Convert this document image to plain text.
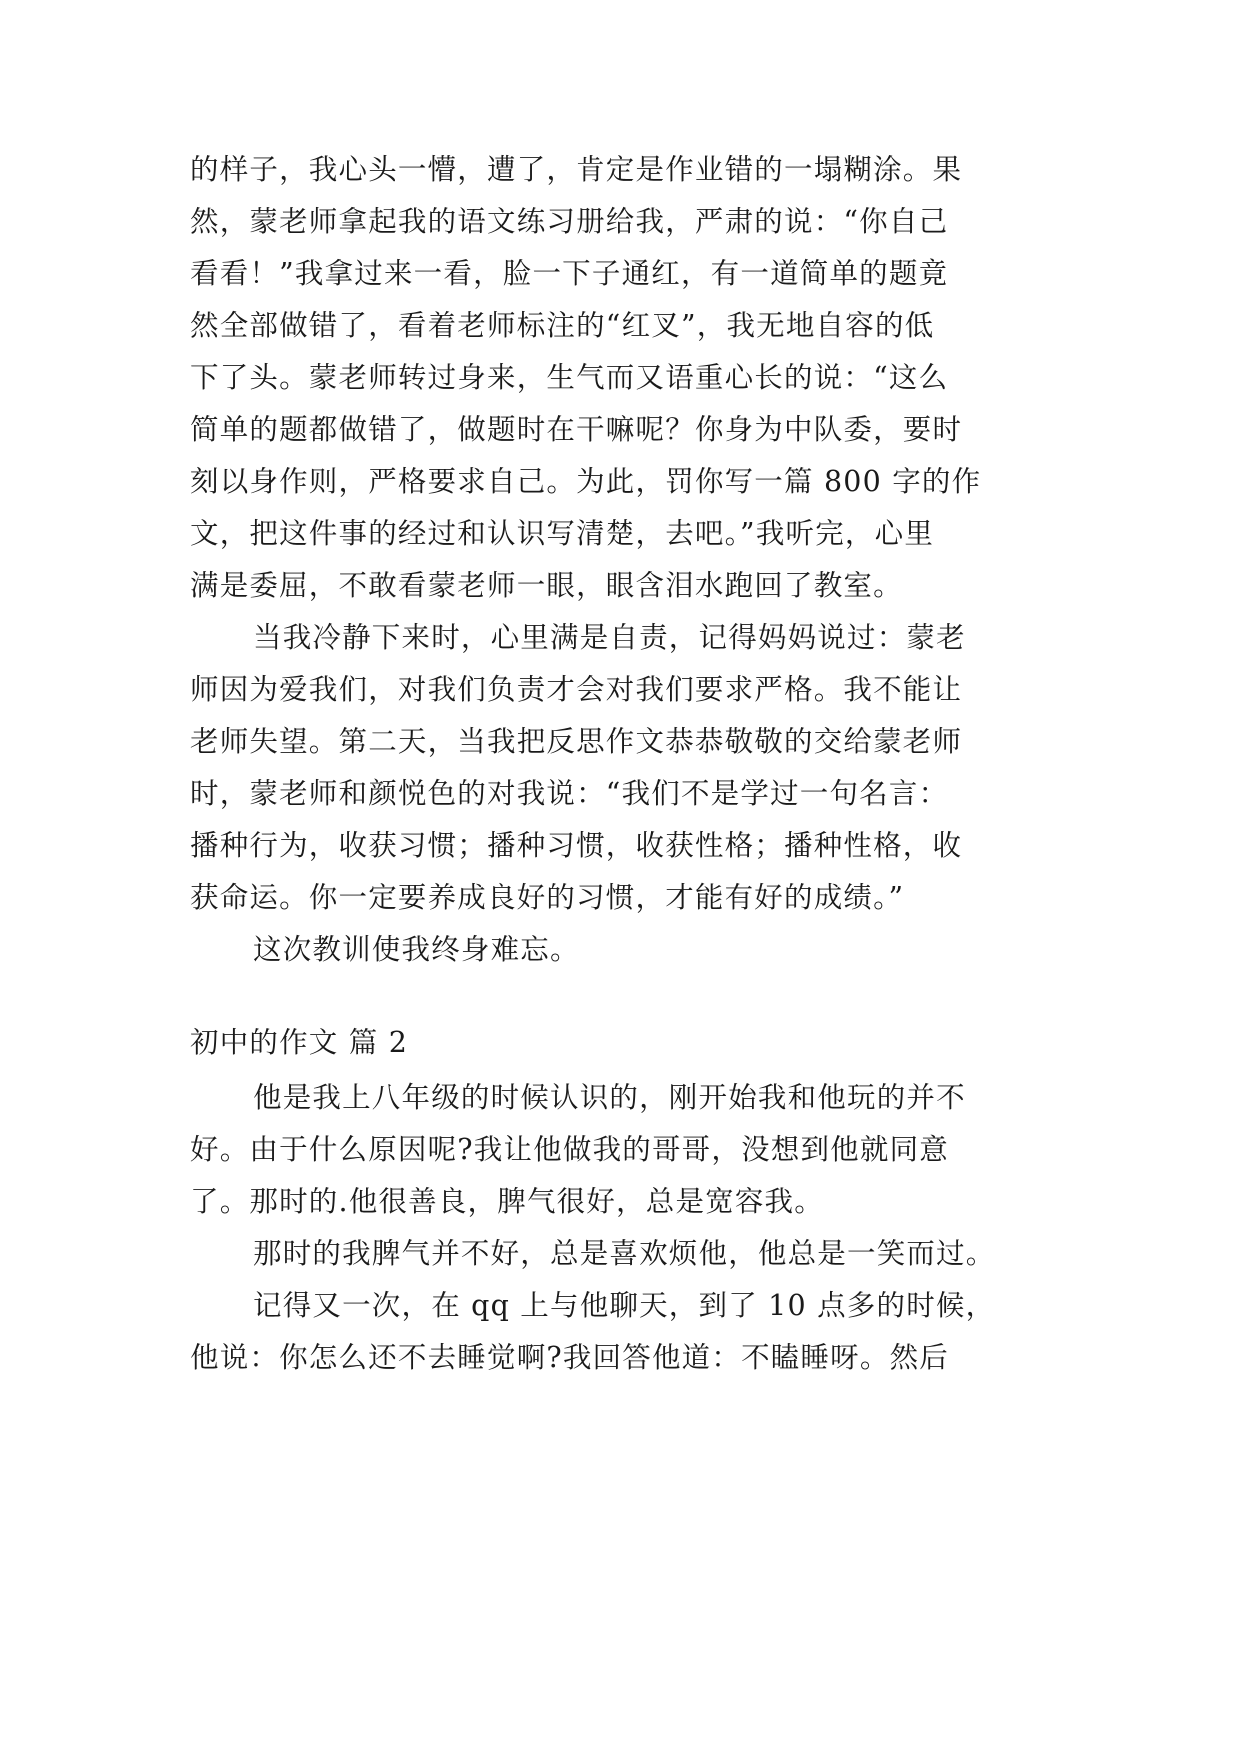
的样子，我心头一懵，遭了，肯定是作业错的一塌糊涂。果
然，蒙老师拿起我的语文练习册给我，严肃的说：“你自己
看看！”我拿过来一看，脸一下子通红，有一道简单的题竟
然全部做错了，看着老师标注的“红叉”，我无地自容的低
下了头。蒙老师转过身来，生气而又语重心长的说：“这么
简单的题都做错了，做题时在干嘛呢？你身为中队委，要时
刻以身作则，严格要求自己。为此，罚你写一篇 800 字的作
文，把这件事的经过和认识写清楚，去吧。”我听完，心里
满是委屈，不敢看蒙老师一眼，眼含泪水跑回了教室。
当我冷静下来时，心里满是自责，记得妈妈说过：蒙老
师因为爱我们，对我们负责才会对我们要求严格。我不能让
老师失望。第二天，当我把反思作文恭恭敬敬的交给蒙老师
时，蒙老师和颜悦色的对我说：“我们不是学过一句名言：
播种行为，收获习惯；播种习惯，收获性格；播种性格，收
获命运。你一定要养成良好的习惯，才能有好的成绩。”
这次教训使我终身难忘。
初中的作文 篇 2
他是我上八年级的时候认识的，刚开始我和他玩的并不
好。由于什么原因呢?我让他做我的哥哥，没想到他就同意
了。那时的.他很善良，脾气很好，总是宽容我。
那时的我脾气并不好，总是喜欢烦他，他总是一笑而过。
记得又一次，在 qq 上与他聊天，到了 10 点多的时候，
他说：你怎么还不去睡觉啊?我回答他道：不瞌睡呀。然后
